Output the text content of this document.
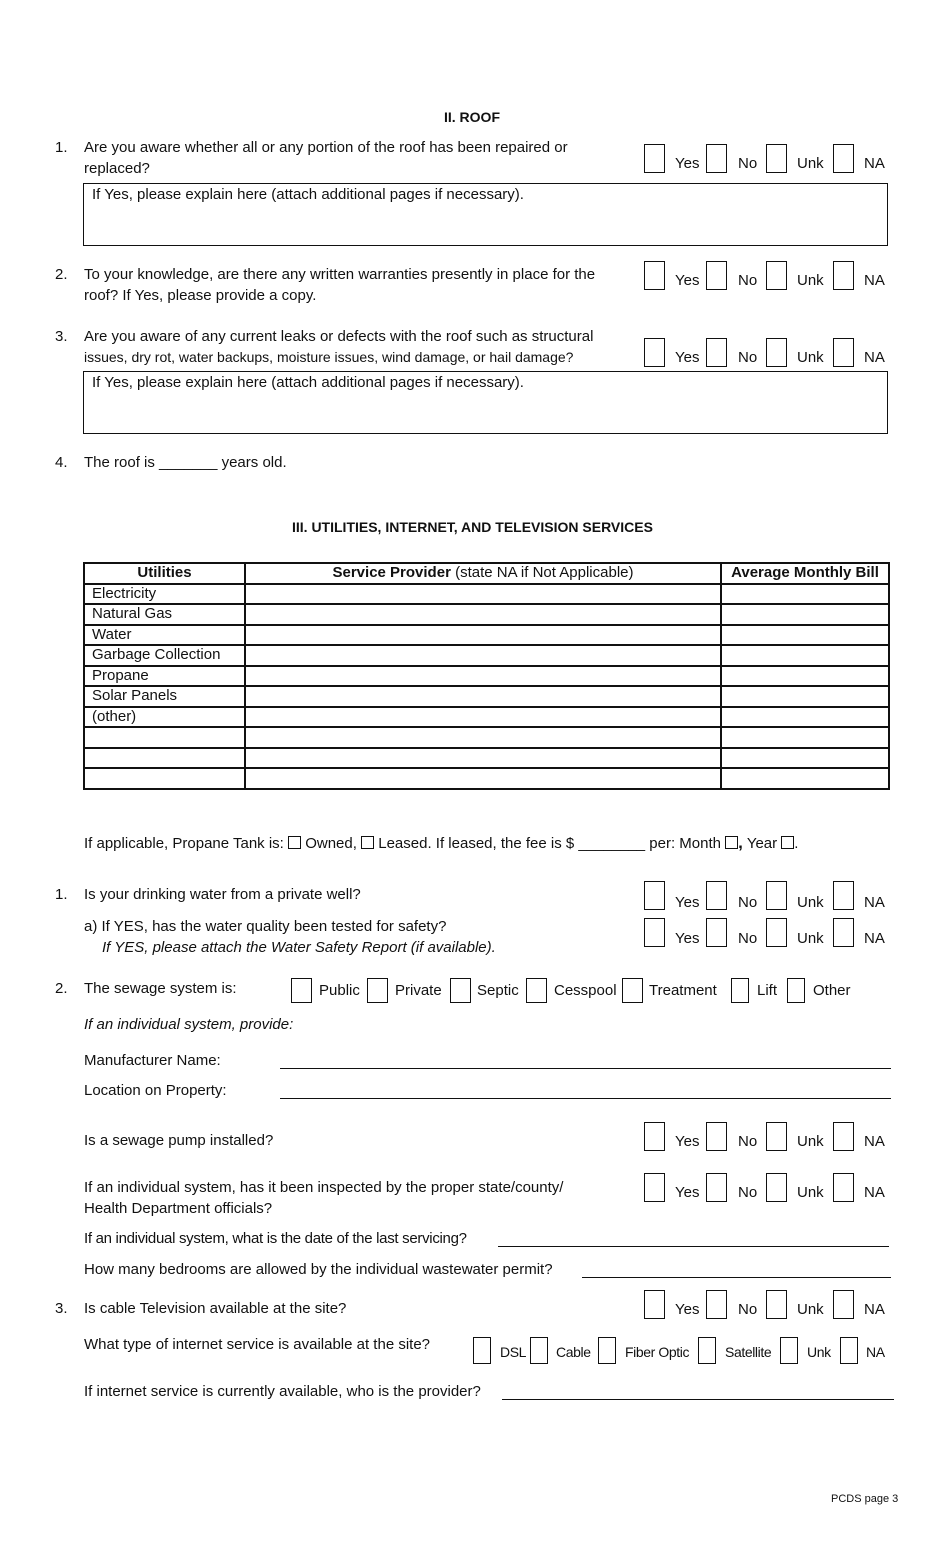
II. ROOF
1. Are you aware whether all or any portion of the roof has been repaired or
replaced?	Yes	No	Unk	NA
If Yes, please explain here (attach additional pages if necessary).
2. To your knowledge, are there any written warranties presently in place for the
roof? If Yes, please provide a copy.
Yes	No	Unk	NA
3. Are you aware of any current leaks or defects with the roof such as structural
issues, dry rot, water backups, moisture issues, wind damage, or hail damage?	Yes	No	Unk	NA
If Yes, please explain here (attach additional pages if necessary).
4. The roof is _______ years old.
III. UTILITIES, INTERNET, AND TELEVISION SERVICES
Utilities	Service Provider (state NA if Not Applicable)	Average Monthly Bill
Electricity		
Natural Gas		
Water		
Garbage Collection		
Propane		
Solar Panels		
(other)		

If applicable, Propane Tank is: Owned, Leased. If leased, the fee is $ ________ per: Month , Year .
1. Is your drinking water from a private well?	Yes	No	Unk	NA
a) If YES, has the water quality been tested for safety?
If YES, please attach the Water Safety Report (if available).
Yes	No	Unk	NA
2. The sewage system is:	Public Private Septic Cesspool Treatment	Lift Other
If an individual system, provide:
Manufacturer Name:
Location on Property:
Is a sewage pump installed?	Yes	No	Unk	NA
If an individual system, has it been inspected by the proper state/county/
Health Department officials?
Yes	No	Unk	NA
If an individual system, what is the date of the last servicing?
How many bedrooms are allowed by the individual wastewater permit?
3. Is cable Television available at the site?	Yes	No	Unk	NA
What type of internet service is available at the site?	DSL Cable Fiber Optic	Satellite	Unk	NA
If internet service is currently available, who is the provider?
PCDS page 3
